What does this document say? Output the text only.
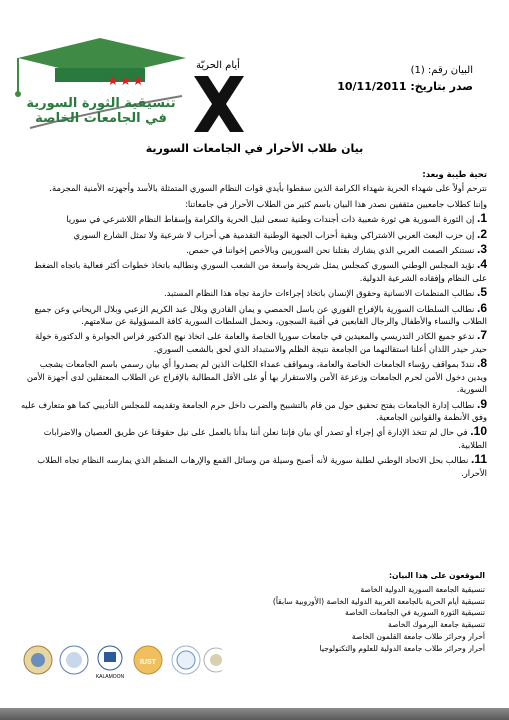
★★★
تنسيقية الثورة السورية
في الجامعات الخاصة
أيام الحريّة	البيان رقم: (1)
صدر بتاريخ: 10/11/2011
بيان طلاب الأحرار في الجامعات السورية

تحية طيبة وبعد:

نترحم أولاً على شهداء الحرية شهداء الكرامة الذين سقطوا بأيدي قوات النظام السوري المتمثلة بالأسد وأجهزته الأمنية المجرمة.

وإننا كطلاب جامعيين مثقفين نصدر هذا البيان باسم كثير من الطلاب الأحرار في جامعاتنا:

1. إن الثورة السورية هي ثورة شعبية ذات أجندات وطنية تسعى لنيل الحرية والكرامة وإسقاط النظام اللاشرعي في سوريا

2. إن حزب البعث العربي الاشتراكي وبقية أحزاب الجبهة الوطنية التقدمية هي أحزاب لا شرعية ولا تمثل الشارع السوري

3. نستنكر الصمت العربي الذي يشارك بقتلنا نحن السوريين وبالأخص إخواننا في حمص.

4. نؤيد المجلس الوطني السوري كمجلس يمثل شريحة واسعة من الشعب السوري ونطالبه باتخاذ خطوات أكثر فعالية باتجاه الضغط على النظام وإفقاده الشرعية الدولية.

5. نطالب المنظمات الانسانية وحقوق الإنسان باتخاذ إجراءات حازمة تجاه هذا النظام المستبد.

6. نطالب السلطات السورية بالإفراج الفوري عن باسل الحمصي و يمان القادري وبلال عبد الكريم الزعبي وبلال الريحاني وعن جميع الطلاب والنساء والأطفال والرجال القابعين في أقبية السجون، ونحمل السلطات السورية كافة المسؤولية عن سلامتهم.

7. ندعو جميع الكادر التدريسي والمعيدين في جامعات سوريا الخاصة والعامة على اتخاذ نهج الدكتور فراس الجوابرة و الدكتورة خولة حيدر حيدر اللذان أعلنا استقالتهما من الجامعة نتيجة الظلم والاستبداد الذي لحق بالشعب السوري.

8. ننددّ بمواقف رؤساء الجامعات الخاصة والعامة، وبمواقف عمداء الكليات الذين لم يصدروا أي بيان رسمي باسم الجامعات يشجب ويدين دخول الأمن لحرم الجامعات وزعزعة الأمن والاستقرار بها أو على الأقل المطالبة بالإفراج عن الطلاب المعتقلين لدى أجهزة الأمن السورية.

9. نطالب إدارة الجامعات بفتح تحقيق حول من قام بالتشبيح والضرب داخل حرم الجامعة وتقديمه للمجلس التأديبي كما هو متعارف عليه وفق الأنظمة والقوانين الجامعية.

10. في حال لم تتخذ الإدارة أي إجراء أو تصدر أي بيان فإننا نعلن أننا بدأنا بالعمل على نيل حقوقنا عن طريق العصيان والاضرابات الطلابية.

11. نطالب بحل الاتحاد الوطني لطلبة سورية لأنه أصبح وسيلة من وسائل القمع والإرهاب المنظم الذي يمارسه النظام تجاه الطلاب الأحرار.

الموقعون على هذا البيان:
تنسيقية الجامعة السورية الدولية الخاصة
تنسيقية أيام الحرية بالجامعة العربية الدولية الخاصة (الأوروبية سابقاً)
تنسيقية الثورة السورية في الجامعات الخاصة
تنسيقية جامعة اليرموك الخاصة
أحرار وحرائر طلاب جامعة القلمون الخاصة
أحرار وحرائر طلاب جامعة الدولية للعلوم والتكنولوجيا
KALAMOON
IUST
